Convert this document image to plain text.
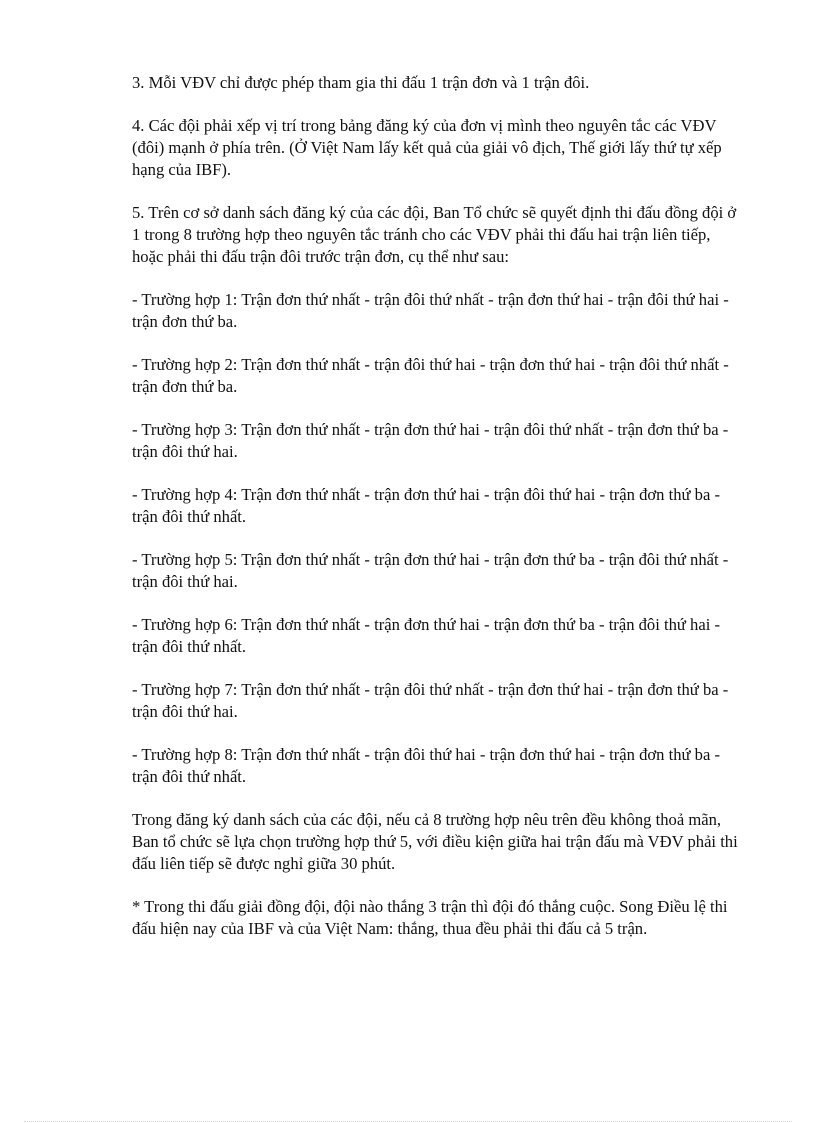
3. Mỗi VĐV chỉ được phép tham gia thi đấu 1 trận đơn và 1 trận đôi.

4. Các đội phải xếp vị trí trong bảng đăng ký của đơn vị mình theo nguyên tắc các VĐV (đôi) mạnh ở phía trên. (Ở Việt Nam lấy kết quả của giải vô địch, Thế giới lấy thứ tự xếp hạng của IBF).

5. Trên cơ sở danh sách đăng ký của các đội, Ban Tổ chức sẽ quyết định thi đấu đồng đội ở 1 trong 8 trường hợp theo nguyên tắc tránh cho các VĐV phải thi đấu hai trận liên tiếp, hoặc phải thi đấu trận đôi trước trận đơn, cụ thể như sau:

- Trường hợp 1: Trận đơn thứ nhất - trận đôi thứ nhất - trận đơn thứ hai - trận đôi thứ hai - trận đơn thứ ba.

- Trường hợp 2: Trận đơn thứ nhất - trận đôi thứ hai - trận đơn thứ hai - trận đôi thứ nhất - trận đơn thứ ba.

- Trường hợp 3: Trận đơn thứ nhất - trận đơn thứ hai - trận đôi thứ nhất - trận đơn thứ ba - trận đôi thứ hai.

- Trường hợp 4: Trận đơn thứ nhất - trận đơn thứ hai - trận đôi thứ hai - trận đơn thứ ba - trận đôi thứ nhất.

- Trường hợp 5: Trận đơn thứ nhất - trận đơn thứ hai - trận đơn thứ ba - trận đôi thứ nhất - trận đôi thứ hai.

- Trường hợp 6: Trận đơn thứ nhất - trận đơn thứ hai - trận đơn thứ ba - trận đôi thứ hai - trận đôi thứ nhất.

- Trường hợp 7: Trận đơn thứ nhất - trận đôi thứ nhất - trận đơn thứ hai - trận đơn thứ ba - trận đôi thứ hai.

- Trường hợp 8: Trận đơn thứ nhất - trận đôi thứ hai - trận đơn thứ hai - trận đơn thứ ba - trận đôi thứ nhất.

Trong đăng ký danh sách của các đội, nếu cả 8 trường hợp nêu trên đều không thoả mãn, Ban tổ chức sẽ lựa chọn trường hợp thứ 5, với điều kiện giữa hai trận đấu mà VĐV phải thi đấu liên tiếp sẽ được nghỉ giữa 30 phút.

* Trong thi đấu giải đồng đội, đội nào thắng 3 trận thì đội đó thắng cuộc. Song Điều lệ thi đấu hiện nay của IBF và của Việt Nam: thắng, thua đều phải thi đấu cả 5 trận.
